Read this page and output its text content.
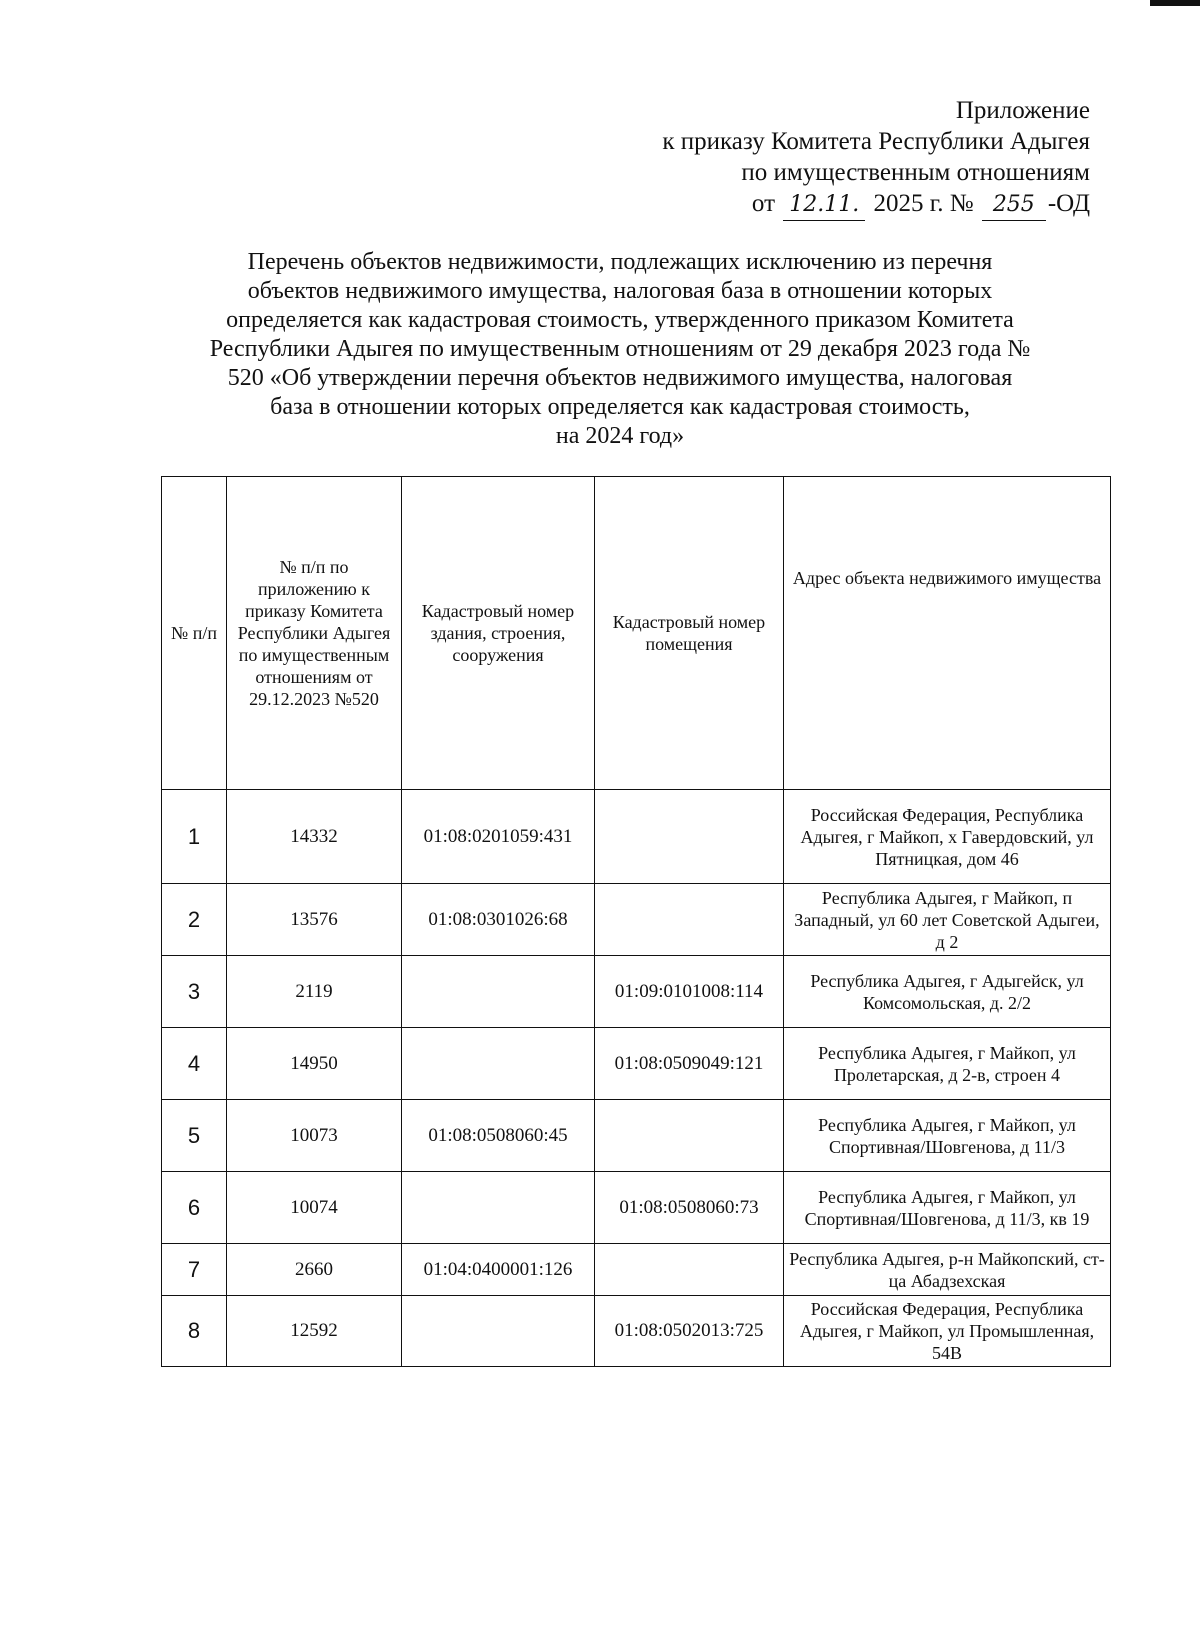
Приложение
к приказу Комитета Республики Адыгея
по имущественным отношениям
от 12.11. 2025 г. № 255 -ОД
Перечень объектов недвижимости, подлежащих исключению из перечня
объектов недвижимого имущества, налоговая база в отношении которых
определяется как кадастровая стоимость, утвержденного приказом Комитета
Республики Адыгея по имущественным отношениям от 29 декабря 2023 года №
520 «Об утверждении перечня объектов недвижимого имущества, налоговая
база в отношении которых определяется как кадастровая стоимость,
на 2024 год»
№ п/п	№ п/п по приложению к приказу Комитета Республики Адыгея по имущественным отношениям от 29.12.2023 №520	Кадастровый номер здания, строения, сооружения	Кадастровый номер помещения	Адрес объекта недвижимого имущества
1	14332	01:08:0201059:431		Российская Федерация, Республика Адыгея, г Майкоп, х Гавердовский, ул Пятницкая, дом 46
2	13576	01:08:0301026:68		Республика Адыгея, г Майкоп, п Западный, ул 60 лет Советской Адыгеи, д 2
3	2119		01:09:0101008:114	Республика Адыгея, г Адыгейск, ул Комсомольская, д. 2/2
4	14950		01:08:0509049:121	Республика Адыгея, г Майкоп, ул Пролетарская, д 2-в, строен 4
5	10073	01:08:0508060:45		Республика Адыгея, г Майкоп, ул Спортивная/Шовгенова, д 11/3
6	10074		01:08:0508060:73	Республика Адыгея, г Майкоп, ул Спортивная/Шовгенова, д 11/3, кв 19
7	2660	01:04:0400001:126		Республика Адыгея, р-н Майкопский, ст-ца Абадзехская
8	12592		01:08:0502013:725	Российская Федерация, Республика Адыгея, г Майкоп, ул Промышленная, 54В
